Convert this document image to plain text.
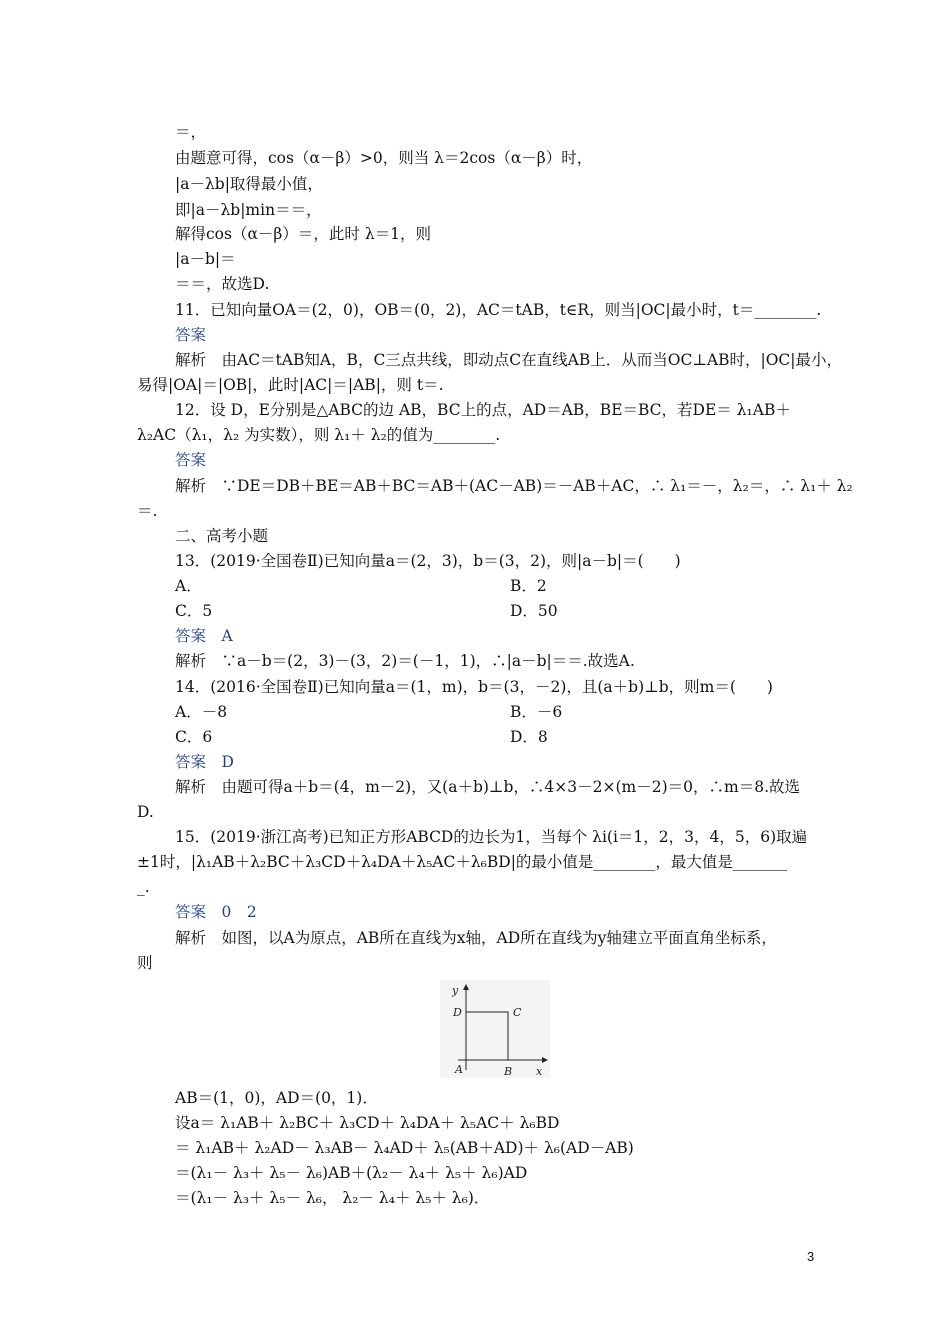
＝，
由题意可得，cos（α－β）>0，则当 λ＝2cos（α－β）时，
|a－λb|取得最小值，
即|a－λb|min＝＝，
解得cos（α－β）＝，此时 λ＝1，则
|a－b|＝
＝＝，故选D.
11．已知向量OA＝(2，0)，OB＝(0，2)，AC＝tAB，t∈R，则当|OC|最小时，t＝________.
答案
解析　由AC＝tAB知A，B，C三点共线，即动点C在直线AB上．从而当OC⊥AB时，|OC|最小，
易得|OA|＝|OB|，此时|AC|＝|AB|，则 t＝.
12．设 D，E分别是△ABC的边 AB，BC上的点，AD＝AB，BE＝BC，若DE＝ λ₁AB＋
λ₂AC（λ₁，λ₂ 为实数），则 λ₁＋ λ₂的值为________.
答案
解析　∵DE＝DB＋BE＝AB＋BC＝AB＋(AC－AB)＝－AB＋AC，∴ λ₁＝－，λ₂＝，∴ λ₁＋ λ₂
＝.
二、高考小题
13．(2019·全国卷Ⅱ)已知向量a＝(2，3)，b＝(3，2)，则|a－b|＝(　　)
A．	B．2
C．5	D．50
答案　A
解析　∵a－b＝(2，3)－(3，2)＝(－1，1)，∴|a－b|＝＝.故选A.
14．(2016·全国卷Ⅱ)已知向量a＝(1，m)，b＝(3，－2)，且(a＋b)⊥b，则m＝(　　)
A．－8	B．－6
C．6	D．8
答案　D
解析　由题可得a＋b＝(4，m－2)，又(a＋b)⊥b，∴4×3－2×(m－2)＝0，∴m＝8.故选
D.
15．(2019·浙江高考)已知正方形ABCD的边长为1，当每个 λi(i＝1，2，3，4，5，6)取遍
±1时，|λ₁AB＋λ₂BC＋λ₃CD＋λ₄DA＋λ₅AC＋λ₆BD|的最小值是________，最大值是_______
_.
答案　0　2
解析　如图，以A为原点，AB所在直线为x轴，AD所在直线为y轴建立平面直角坐标系，
则
y
x
D	C
A	B
AB＝(1，0)，AD＝(0，1)．
设a＝ λ₁AB＋ λ₂BC＋ λ₃CD＋ λ₄DA＋ λ₅AC＋ λ₆BD
＝ λ₁AB＋ λ₂AD－ λ₃AB－ λ₄AD＋ λ₅(AB＋AD)＋ λ₆(AD－AB)
＝(λ₁－ λ₃＋ λ₅－ λ₆)AB＋(λ₂－ λ₄＋ λ₅＋ λ₆)AD
＝(λ₁－ λ₃＋ λ₅－ λ₆， λ₂－ λ₄＋ λ₅＋ λ₆)．
3
